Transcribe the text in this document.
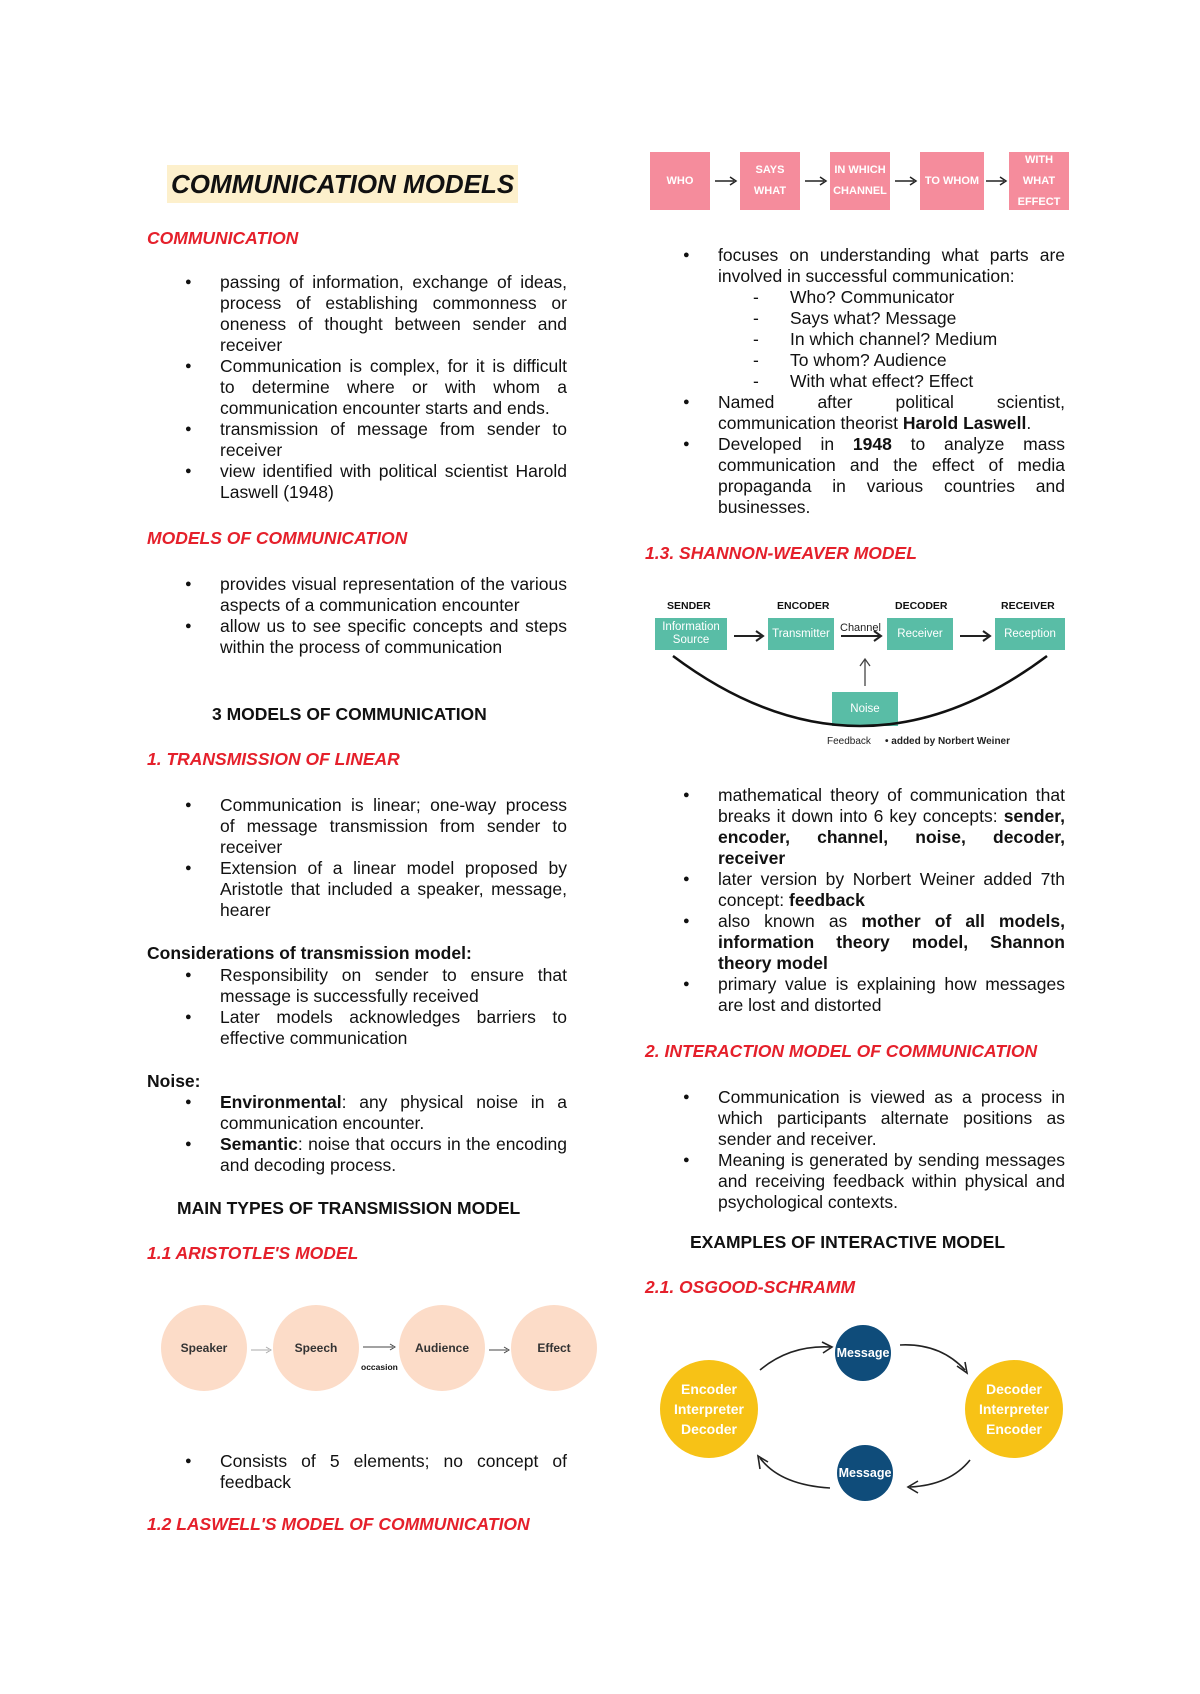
COMMUNICATION MODELS
COMMUNICATION
● passing of information, exchange of ideas, process of establishing commonness or oneness of thought between sender and receiver
● Communication is complex, for it is difficult to determine where or with whom a communication encounter starts and ends.
● transmission of message from sender to receiver
● view identified with political scientist Harold Laswell (1948)
MODELS OF COMMUNICATION
● provides visual representation of the various aspects of a communication encounter
● allow us to see specific concepts and steps within the process of communication
3 MODELS OF COMMUNICATION
1. TRANSMISSION OF LINEAR
● Communication is linear; one-way process of message transmission from sender to receiver
● Extension of a linear model proposed by Aristotle that included a speaker, message, hearer
Considerations of transmission model:
● Responsibility on sender to ensure that message is successfully received
● Later models acknowledges barriers to effective communication
Noise:
● Environmental: any physical noise in a communication encounter.
● Semantic: noise that occurs in the encoding and decoding process.
MAIN TYPES OF TRANSMISSION MODEL
1.1 ARISTOTLE'S MODEL
Speaker	Speech	Audience	Effect
occasion
● Consists of 5 elements; no concept of feedback
1.2 LASWELL'S MODEL OF COMMUNICATION
WHO
SAYS WHAT
IN WHICH CHANNEL
TO WHOM
WITH WHAT EFFECT
● focuses on understanding what parts are involved in successful communication:
- Who? Communicator
- Says what? Message
- In which channel? Medium
- To whom? Audience
- With what effect? Effect
● Named after political scientist, communication theorist Harold Laswell.
● Developed in 1948 to analyze mass communication and the effect of media propaganda in various countries and businesses.
1.3. SHANNON-WEAVER MODEL
SENDER	ENCODER	DECODER	RECEIVER
Information Source
Transmitter Channel	Receiver	Reception
Noise
Feedback • added by Norbert Weiner
● mathematical theory of communication that breaks it down into 6 key concepts: sender, encoder, channel, noise, decoder, receiver
● later version by Norbert Weiner added 7th concept: feedback
● also known as mother of all models, information theory model, Shannon theory model
● primary value is explaining how messages are lost and distorted
2. INTERACTION MODEL OF COMMUNICATION
● Communication is viewed as a process in which participants alternate positions as sender and receiver.
● Meaning is generated by sending messages and receiving feedback within physical and psychological contexts.
EXAMPLES OF INTERACTIVE MODEL
2.1. OSGOOD-SCHRAMM
Encoder Interpreter Decoder
Decoder Interpreter Encoder
Message
Message
